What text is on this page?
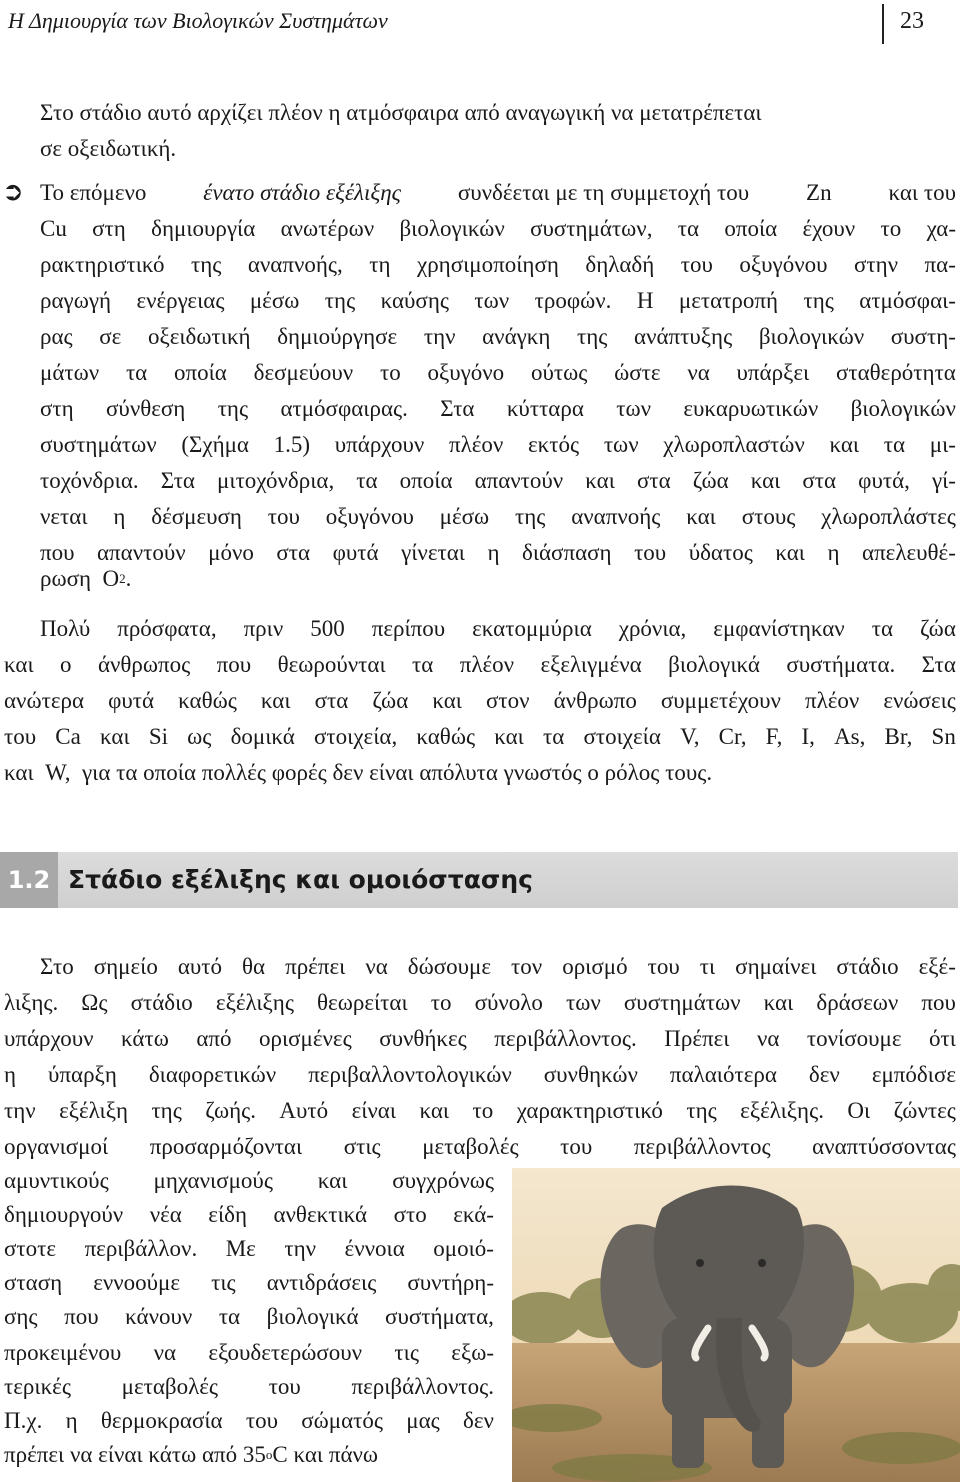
Η Δημιουργία των Βιολογικών Συστημάτων	23
Στο στάδιο αυτό αρχίζει πλέον η ατμόσφαιρα από αναγωγική να μετατρέπεται
σε οξειδωτική.
➲ Το επόμενο ένατο στάδιο εξέλιξης συνδέεται με τη συμμετοχή του Zn και του
Cu στη δημιουργία ανωτέρων βιολογικών συστημάτων, τα οποία έχουν το χα-
ρακτηριστικό της αναπνοής, τη χρησιμοποίηση δηλαδή του οξυγόνου στην πα-
ραγωγή ενέργειας μέσω της καύσης των τροφών. Η μετατροπή της ατμόσφαι-
ρας σε οξειδωτική δημιούργησε την ανάγκη της ανάπτυξης βιολογικών συστη-
μάτων τα οποία δεσμεύουν το οξυγόνο ούτως ώστε να υπάρξει σταθερότητα
στη σύνθεση της ατμόσφαιρας. Στα κύτταρα των ευκαρυωτικών βιολογικών
συστημάτων (Σχήμα 1.5) υπάρχουν πλέον εκτός των χλωροπλαστών και τα μι-
τοχόνδρια. Στα μιτοχόνδρια, τα οποία απαντούν και στα ζώα και στα φυτά, γί-
νεται η δέσμευση του οξυγόνου μέσω της αναπνοής και στους χλωροπλάστες
που απαντούν μόνο στα φυτά γίνεται η διάσπαση του ύδατος και η απελευθέ-
ρωση
O 2 .
Πολύ πρόσφατα, πριν 500 περίπου εκατομμύρια χρόνια, εμφανίστηκαν τα ζώα
και ο άνθρωπος που θεωρούνται τα πλέον εξελιγμένα βιολογικά συστήματα. Στα
ανώτερα φυτά καθώς και στα ζώα και στον άνθρωπο συμμετέχουν πλέον ενώσεις
του Ca και Si ως δομικά στοιχεία, καθώς και τα στοιχεία V, Cr, F, I, As, Br, Sn
και  W,  για τα οποία πολλές φορές δεν είναι απόλυτα γνωστός ο ρόλος τους.
1.2 Στάδιο εξέλιξης και ομοιόστασης
Στο σημείο αυτό θα πρέπει να δώσουμε τον ορισμό του τι σημαίνει στάδιο εξέ-
λιξης. Ως στάδιο εξέλιξης θεωρείται το σύνολο των συστημάτων και δράσεων που
υπάρχουν κάτω από ορισμένες συνθήκες περιβάλλοντος. Πρέπει να τονίσουμε ότι
η ύπαρξη διαφορετικών περιβαλλοντολογικών συνθηκών παλαιότερα δεν εμπόδισε
την εξέλιξη της ζωής. Αυτό είναι και το χαρακτηριστικό της εξέλιξης. Οι ζώντες
οργανισμοί προσαρμόζονται στις μεταβολές του περιβάλλοντος αναπτύσσοντας
αμυντικούς μηχανισμούς και συγχρόνως
δημιουργούν νέα είδη ανθεκτικά στο εκά-
στοτε περιβάλλον. Με την έννοια ομοιό-
σταση εννοούμε τις αντιδράσεις συντήρη-
σης που κάνουν τα βιολογικά συστήματα,
προκειμένου να εξουδετερώσουν τις εξω-
τερικές μεταβολές του περιβάλλοντος.
Π.χ. η θερμοκρασία του σώματός μας δεν
πρέπει να είναι κάτω από 35 ο C και πάνω
